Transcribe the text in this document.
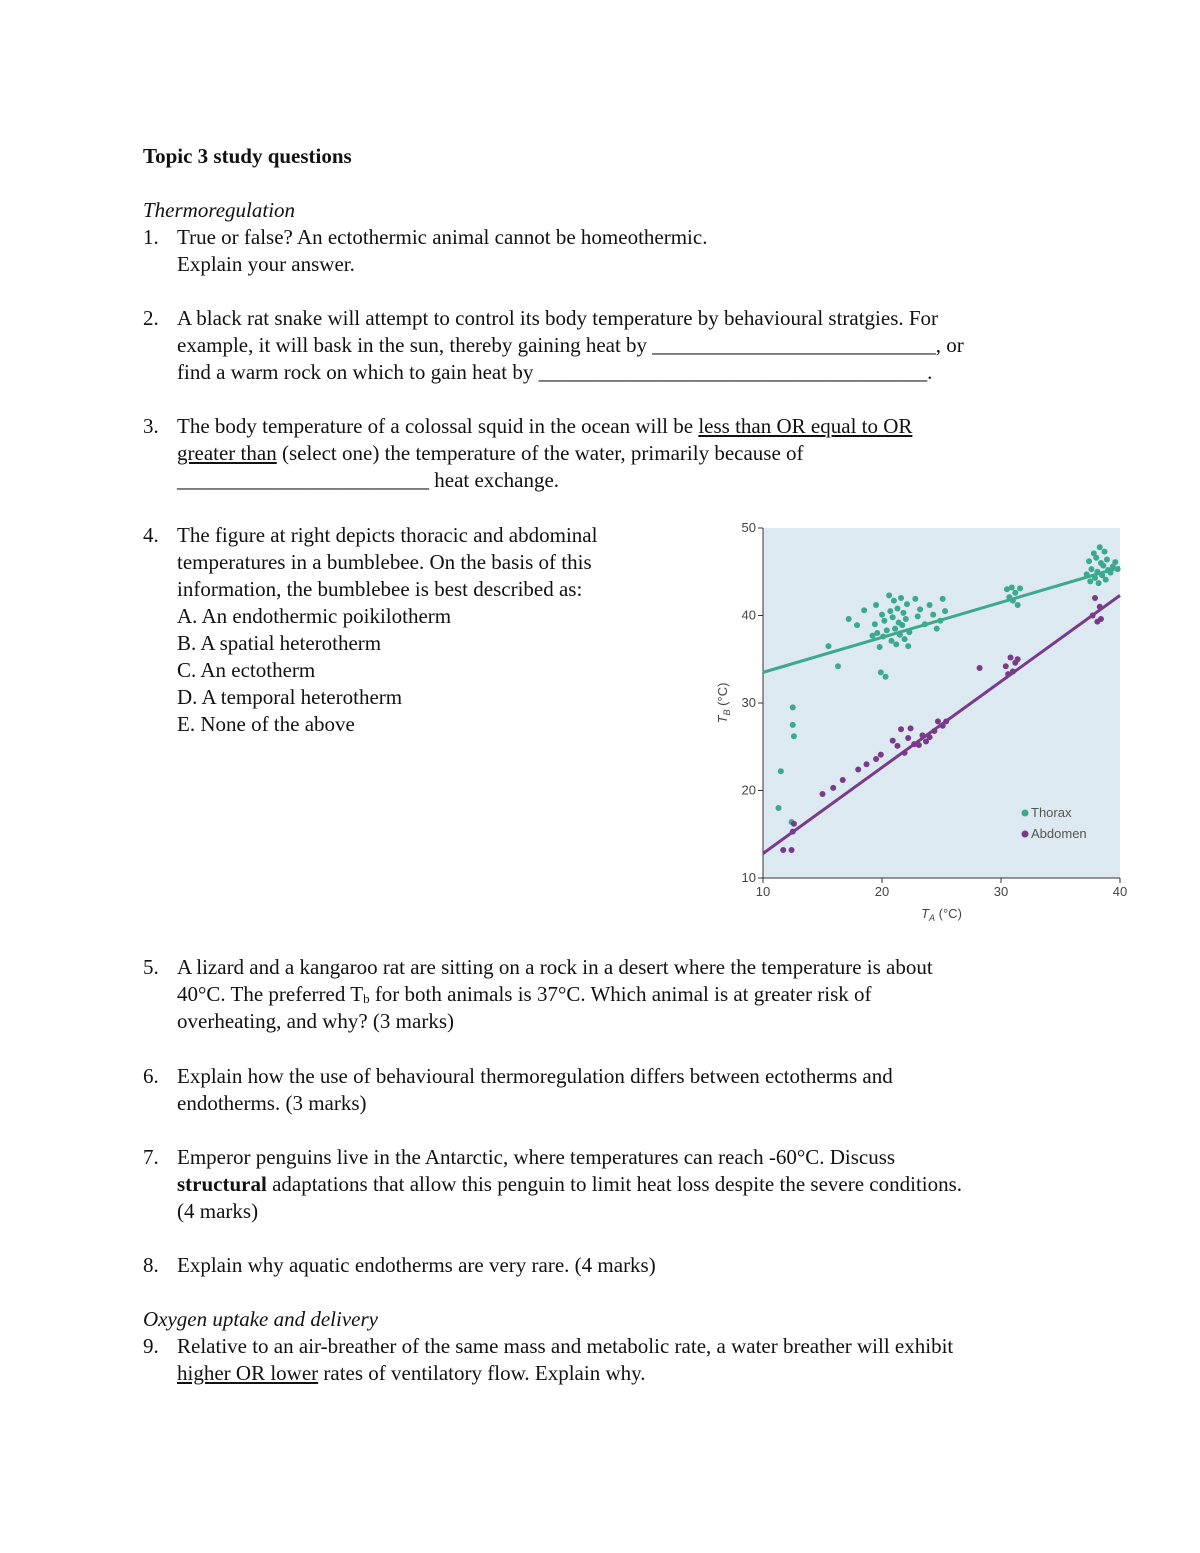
Topic 3 study questions
Thermoregulation
1. True or false? An ectothermic animal cannot be homeothermic.
Explain your answer.
2. A black rat snake will attempt to control its body temperature by behavioural stratgies. For
example, it will bask in the sun, thereby gaining heat by ___________________________, or
find a warm rock on which to gain heat by _____________________________________.
3. The body temperature of a colossal squid in the ocean will be less than OR equal to OR
greater than (select one) the temperature of the water, primarily because of
________________________ heat exchange.
4. The figure at right depicts thoracic and abdominal
temperatures in a bumblebee. On the basis of this
information, the bumblebee is best described as:
A. An endothermic poikilotherm
B. A spatial heterotherm
C. An ectotherm
D. A temporal heterotherm
E. None of the above
10	20	30	40
10
20
30
40
50
$T_A$ (°C)
$T_B$ (°C)
Thorax
Abdomen
5. A lizard and a kangaroo rat are sitting on a rock in a desert where the temperature is about
40°C. The preferred Tb for both animals is 37°C. Which animal is at greater risk of
overheating, and why? (3 marks)
6. Explain how the use of behavioural thermoregulation differs between ectotherms and
endotherms. (3 marks)
7. Emperor penguins live in the Antarctic, where temperatures can reach -60°C. Discuss
structural adaptations that allow this penguin to limit heat loss despite the severe conditions.
(4 marks)
8. Explain why aquatic endotherms are very rare. (4 marks)
Oxygen uptake and delivery
9. Relative to an air-breather of the same mass and metabolic rate, a water breather will exhibit
higher OR lower rates of ventilatory flow. Explain why.
